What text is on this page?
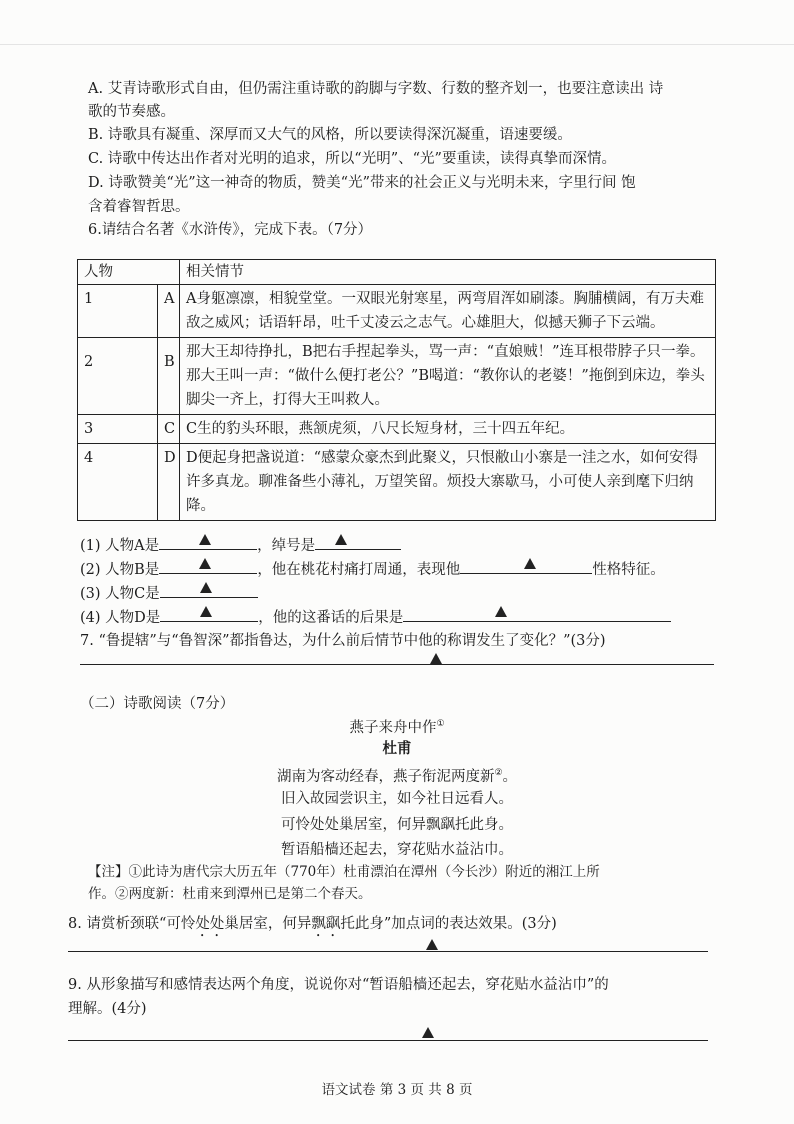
A. 艾青诗歌形式自由，但仍需注重诗歌的韵脚与字数、行数的整齐划一，也要注意读出 诗
歌的节奏感。
B. 诗歌具有凝重、深厚而又大气的风格，所以要读得深沉凝重，语速要缓。
C. 诗歌中传达出作者对光明的追求，所以“光明”、“光”要重读，读得真挚而深情。
D. 诗歌赞美“光”这一神奇的物质，赞美“光”带来的社会正义与光明未来，字里行间 饱
含着睿智哲思。
6.请结合名著《水浒传》，完成下表。（7分）
人物		相关情节
1	A	A身躯凛凛，相貌堂堂。一双眼光射寒星，两弯眉浑如刷漆。胸脯横阔，有万夫难敌之威风；话语轩昂，吐千丈凌云之志气。心雄胆大，似撼天狮子下云端。
2	B	那大王却待挣扎，B把右手捏起拳头，骂一声：“直娘贼！”连耳根带脖子只一拳。那大王叫一声：“做什么便打老公？”B喝道：“教你认的老婆！”拖倒到床边，拳头脚尖一齐上，打得大王叫救人。
3	C	C生的豹头环眼，燕颔虎须，八尺长短身材，三十四五年纪。
4	D	D便起身把盏说道：“感蒙众豪杰到此聚义，只恨敝山小寨是一洼之水，如何安得许多真龙。聊准备些小薄礼，万望笑留。烦投大寨歇马，小可使人亲到麾下归纳降。
(1) 人物A是	，绰号是
(2) 人物B是	，他在桃花村痛打周通，表现他	性格特征。
(3) 人物C是
(4) 人物D是	，他的这番话的后果是
7. “鲁提辖”与“鲁智深”都指鲁达，为什么前后情节中他的称谓发生了变化？”(3分)
（二）诗歌阅读（7分）
燕子来舟中作①
杜甫
湖南为客动经春，燕子衔泥两度新②。
旧入故园尝识主，如今社日远看人。
可怜处处巢居室，何异飘飖托此身。
暂语船樯还起去，穿花贴水益沾巾。
【注】①此诗为唐代宗大历五年（770年）杜甫漂泊在潭州（今长沙）附近的湘江上所
作。②两度新：杜甫来到潭州已是第二个春天。
8. 请赏析颈联“可怜处处巢居室，何异飘飖托此身”加点词的表达效果。(3分)
9. 从形象描写和感情表达两个角度，说说你对“暂语船樯还起去，穿花贴水益沾巾”的
理解。(4分)
语文试卷 第 3 页 共 8 页
